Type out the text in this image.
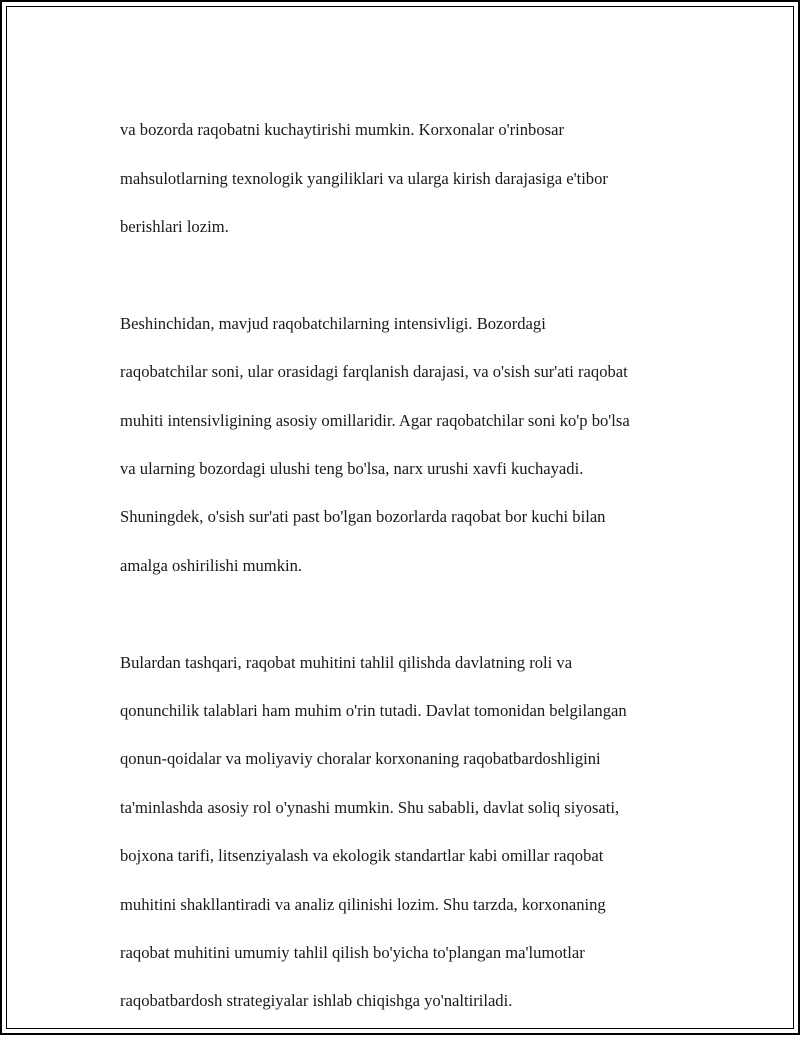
va bozorda raqobatni kuchaytirishi mumkin. Korxonalar o'rinbosar

mahsulotlarning texnologik yangiliklari va ularga kirish darajasiga e'tibor

berishlari lozim.

Beshinchidan, mavjud raqobatchilarning intensivligi. Bozordagi

raqobatchilar soni, ular orasidagi farqlanish darajasi, va o'sish sur'ati raqobat

muhiti intensivligining asosiy omillaridir. Agar raqobatchilar soni ko'p bo'lsa

va ularning bozordagi ulushi teng bo'lsa, narx urushi xavfi kuchayadi.

Shuningdek, o'sish sur'ati past bo'lgan bozorlarda raqobat bor kuchi bilan

amalga oshirilishi mumkin.

Bulardan tashqari, raqobat muhitini tahlil qilishda davlatning roli va

qonunchilik talablari ham muhim o'rin tutadi. Davlat tomonidan belgilangan

qonun-qoidalar va moliyaviy choralar korxonaning raqobatbardoshligini

ta'minlashda asosiy rol o'ynashi mumkin. Shu sababli, davlat soliq siyosati,

bojxona tarifi, litsenziyalash va ekologik standartlar kabi omillar raqobat

muhitini shakllantiradi va analiz qilinishi lozim. Shu tarzda, korxonaning

raqobat muhitini umumiy tahlil qilish bo'yicha to'plangan ma'lumotlar

raqobatbardosh strategiyalar ishlab chiqishga yo'naltiriladi.
